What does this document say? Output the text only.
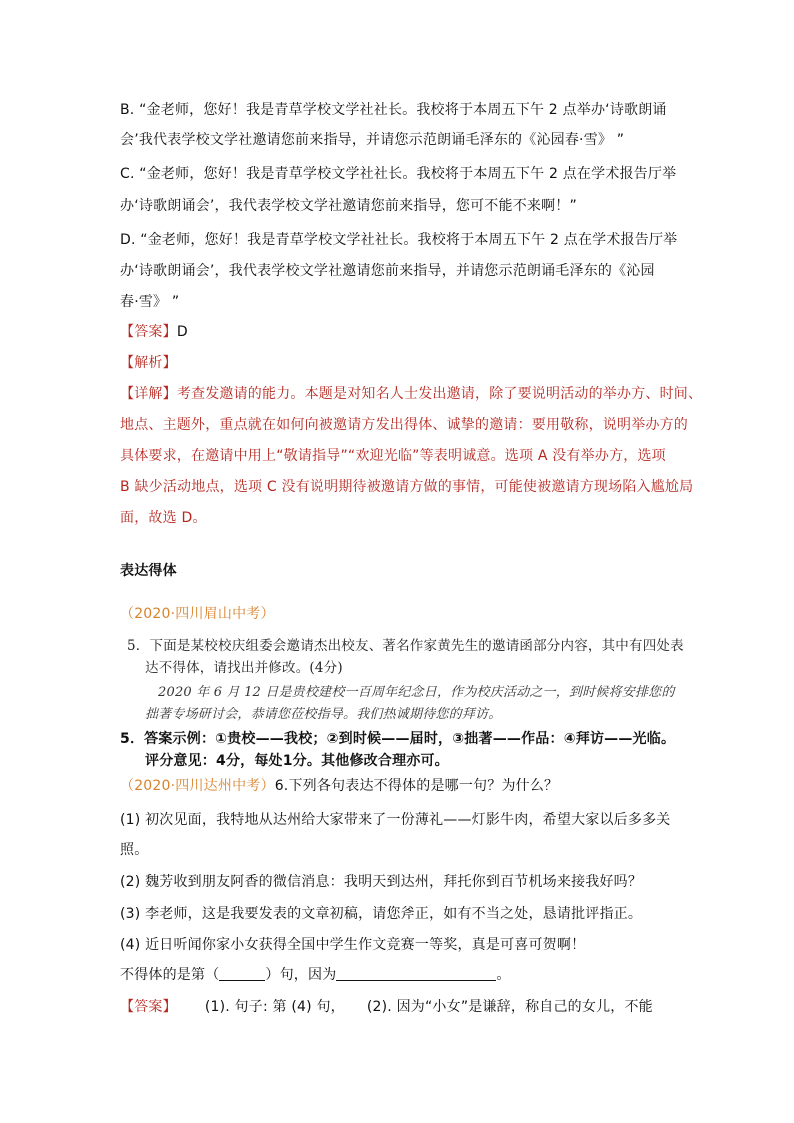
B. “金老师，您好！我是青草学校文学社社长。我校将于本周五下午 2 点举办‘诗歌朗诵
会’我代表学校文学社邀请您前来指导，并请您示范朗诵毛泽东的《沁园春·雪》 ”
C. “金老师，您好！我是青草学校文学社社长。我校将于本周五下午 2 点在学术报告厅举
办‘诗歌朗诵会’，我代表学校文学社邀请您前来指导，您可不能不来啊！”
D. “金老师，您好！我是青草学校文学社社长。我校将于本周五下午 2 点在学术报告厅举
办‘诗歌朗诵会’，我代表学校文学社邀请您前来指导，并请您示范朗诵毛泽东的《沁园
春·雪》 ”
【答案】D
【解析】
【详解】考查发邀请的能力。本题是对知名人士发出邀请，除了要说明活动的举办方、时间、
地点、主题外，重点就在如何向被邀请方发出得体、诚挚的邀请：要用敬称，说明举办方的
具体要求，在邀请中用上“敬请指导”“欢迎光临”等表明诚意。选项 A 没有举办方，选项
B 缺少活动地点，选项 C 没有说明期待被邀请方做的事情，可能使被邀请方现场陷入尴尬局
面，故选 D。
表达得体
（2020·四川眉山中考）
5．下面是某校校庆组委会邀请杰出校友、著名作家黄先生的邀请函部分内容，其中有四处表
达不得体，请找出并修改。(4分)
2020 年 6 月 12 日是贵校建校一百周年纪念日，作为校庆活动之一，到时候将安排您的
拙著专场研讨会，恭请您莅校指导。我们热诚期待您的拜访。
5．答案示例：①贵校——我校；②到时候——届时，③拙著——作品：④拜访——光临。
评分意见：4分，每处1分。其他修改合理亦可。
（2020·四川达州中考）6.下列各句表达不得体的是哪一句？为什么？
(1) 初次见面，我特地从达州给大家带来了一份薄礼——灯影牛肉，希望大家以后多多关
照。
(2) 魏芳收到朋友阿香的微信消息：我明天到达州，拜托你到百节机场来接我好吗？
(3) 李老师，这是我要发表的文章初稿，请您斧正，如有不当之处，恳请批评指正。
(4) 近日听闻你家小女获得全国中学生作文竞赛一等奖，真是可喜可贺啊！
不得体的是第（	）句，因为	。
【答案】 (1). 句子: 第 (4) 句， (2). 因为“小女”是谦辞，称自己的女儿，不能
